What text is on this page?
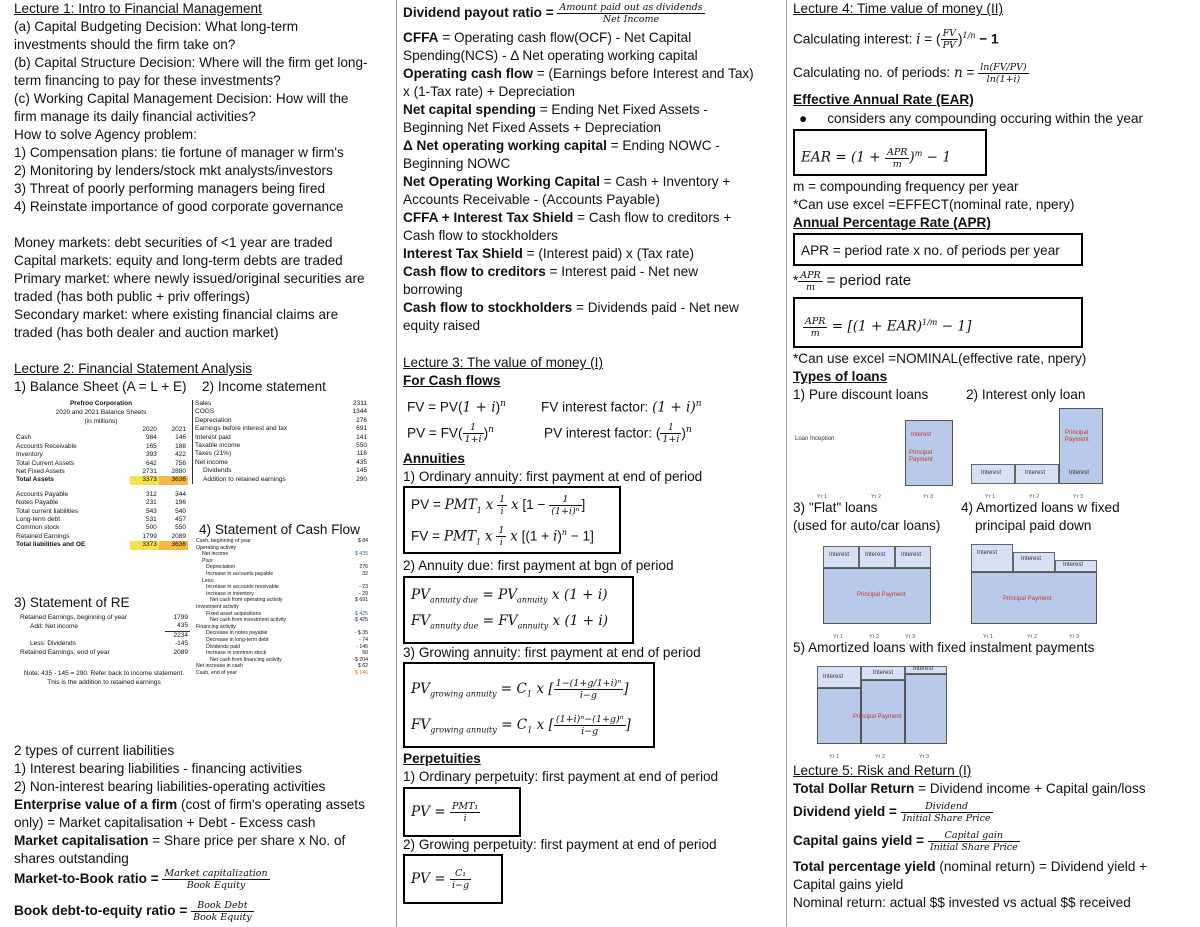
Lecture 1: Intro to Financial Management
(a) Capital Budgeting Decision: What long-term investments should the firm take on?
(b) Capital Structure Decision: Where will the firm get long-term financing to pay for these investments?
(c) Working Capital Management Decision: How will the firm manage its daily financial activities?
How to solve Agency problem:
1) Compensation plans: tie fortune of manager w firm's
2) Monitoring by lenders/stock mkt analysts/investors
3) Threat of poorly performing managers being fired
4) Reinstate importance of good corporate governance
Money markets: debt securities of <1 year are traded
Capital markets: equity and long-term debts are traded
Primary market: where newly issued/original securities are traded (has both public + priv offerings)
Secondary market: where existing financial claims are traded (has both dealer and auction market)
Lecture 2: Financial Statement Analysis
1) Balance Sheet (A = L + E) 2) Income statement
Prefroo Corporation
2020 and 2021 Balance Sheets
(in millions)
	2020	2021
Cash	984	146
Accounts Receivable	165	188
Inventory	393	422
Total Current Assets	642	756
Net Fixed Assets	2731	2880
Total Assets	3373	3636

Accounts Payable	312	344
Notes Payable	231	196
Total current liabilities	543	540
Long-term debt	531	457
Common stock	500	550
Retained Earnings	1799	2089
Total liabilities and OE	3373	3636
Sales	2311
COGS	1344
Depreciation	276
Earnings before interest and tax	691
Interest paid	141
Taxable income	550
Taxes (21%)	116
Net income	435
Dividends	145
Addition to retained earnings	290
4) Statement of Cash Flow
3) Statement of RE
Retained Earnings, beginning of year	1799
Add: Net income	435
	2234
Less: Dividends	-145
Retained Earnings, end of year	2089
Note: 435 - 145 = 290. Refer back to income statement. This is the addition to retained earnings
Cash, beginning of year	$ 84
Operating activity	
Net income	$ 435
Plus:	
Depreciation	276
Increase in accounts payable	32
Less:	
Increase in accounts receivable	- 23
Increase in inventory	- 29
Net cash from operating activity	$ 691
Investment activity	
Fixed asset acquisitions	-$ 425
Net cash from investment activity	-$ 425
Financing activity	
Decrease in notes payable	- $ 35
Decrease in long-term debt	- 74
Dividends paid	- 145
Increase in common stock	50
Net cash from financing activity	-$ 204
Net increase in cash	$ 62
Cash, end of year	$ 146
2 types of current liabilities
1) Interest bearing liabilities - financing activities
2) Non-interest bearing liabilities-operating activities
Enterprise value of a firm (cost of firm's operating assets only) = Market capitalisation + Debt - Excess cash
Market capitalisation = Share price per share x No. of shares outstanding
Market-to-Book ratio = $\frac{\text{Market capitalization}}{\text{Book Equity}}$
Book debt-to-equity ratio = $\frac{\text{Book Debt}}{\text{Book Equity}}$
Dividend payout ratio = $\frac{\text{Amount paid out as dividends}}{\text{Net Income}}$
CFFA = Operating cash flow(OCF) - Net Capital Spending(NCS) - Δ Net operating working capital
Operating cash flow = (Earnings before Interest and Tax) x (1-Tax rate) + Depreciation
Net capital spending = Ending Net Fixed Assets - Beginning Net Fixed Assets + Depreciation
Δ Net operating working capital = Ending NOWC - Beginning NOWC
Net Operating Working Capital = Cash + Inventory + Accounts Receivable - (Accounts Payable)
CFFA + Interest Tax Shield = Cash flow to creditors + Cash flow to stockholders
Interest Tax Shield = (Interest paid) x (Tax rate)
Cash flow to creditors = Interest paid - Net new borrowing
Cash flow to stockholders = Dividends paid - Net new equity raised
Lecture 3: The value of money (I)
For Cash flows
FV = $PV(1 + i)^n$	FV interest factor: $(1 + i)^n$
PV = $FV( \frac{1}{1+i} )^n$	PV interest factor: ( $\frac{1}{1+i} )^n$
Annuities
1) Ordinary annuity: first payment at end of period
PV = $PMT_1$ x $\frac{1}{i}$ x [$1 - \frac{1}{\text{(1+i)ⁿ}}$ ]
FV = $PMT_1$ x $\frac{1}{i}$ x $[(1 + i)^n - 1]$
2) Annuity due: first payment at bgn of period
$PV_{annuity due} = PV_{annuity}$ x (1 + i)
$FV_{annuity due} = FV_{annuity}$ x (1 + i)
3) Growing annuity: first payment at end of period
$PV_{growing annuity} = C_1$ x [ $\frac{\text{1−(1+g/1+i)ⁿ}}{i-g}$ ]
$FV_{growing annuity} = C_1$ x [ $\frac{\text{(1+i)ⁿ−(1+g)ⁿ}}{i-g}$ ]
Perpetuities
1) Ordinary perpetuity: first payment at end of period
PV = $\frac{\text{PMT₁}}{i}$
2) Growing perpetuity: first payment at end of period
PV = $\frac{\text{C₁}}{i-g}$
Lecture 4: Time value of money (II)
Calculating interest: i = ( $\frac{FV}{PV} )^{1/n} - 1$
Calculating no. of periods: $n = \frac{\ln(FV/PV)}{\ln(1+i)}$
Effective Annual Rate (EAR)
● considers any compounding occuring within the year
EAR = $(1 + \frac{\text{APR}}{m} )^m - 1$
m = compounding frequency per year
*Can use excel =EFFECT(nominal rate, npery)
Annual Percentage Rate (APR)
APR = period rate x no. of periods per year
* $\frac{\text{APR}}{m}$ = period rate
$\frac{\text{APR}}{m} = [(1 + EAR)^{1/m} - 1]$
*Can use excel =NOMINAL(effective rate, npery)
Types of loans
1) Pure discount loans	2) Interest only loan
Loan Inception
Interest
Principal Payment
Yr 1	Yr 2	Yr 3
Interest	Interest	Interest
Principal Payment
Yr 1	Yr 2	Yr 3
3) "Flat" loans
(used for auto/car loans)
4) Amortized loans w fixed
principal paid down
Interest	Interest	Interest
Principal Payment
Yr 1	Yr 2	Yr 3
Interest
Interest
Interest
Principal Payment
Yr 1	Yr 2	Yr 3
5) Amortized loans with fixed instalment payments
Interest
Interest
Interest
Principal Payment
Yr 1	Yr 2	Yr 3
Lecture 5: Risk and Return (I)
Total Dollar Return = Dividend income + Capital gain/loss
Dividend yield = $\frac{\text{Dividend}}{\text{Initial Share Price}}$
Capital gains yield = $\frac{\text{Capital gain}}{\text{Initial Share Price}}$
Total percentage yield (nominal return) = Dividend yield + Capital gains yield
Nominal return: actual $$ invested vs actual $$ received
